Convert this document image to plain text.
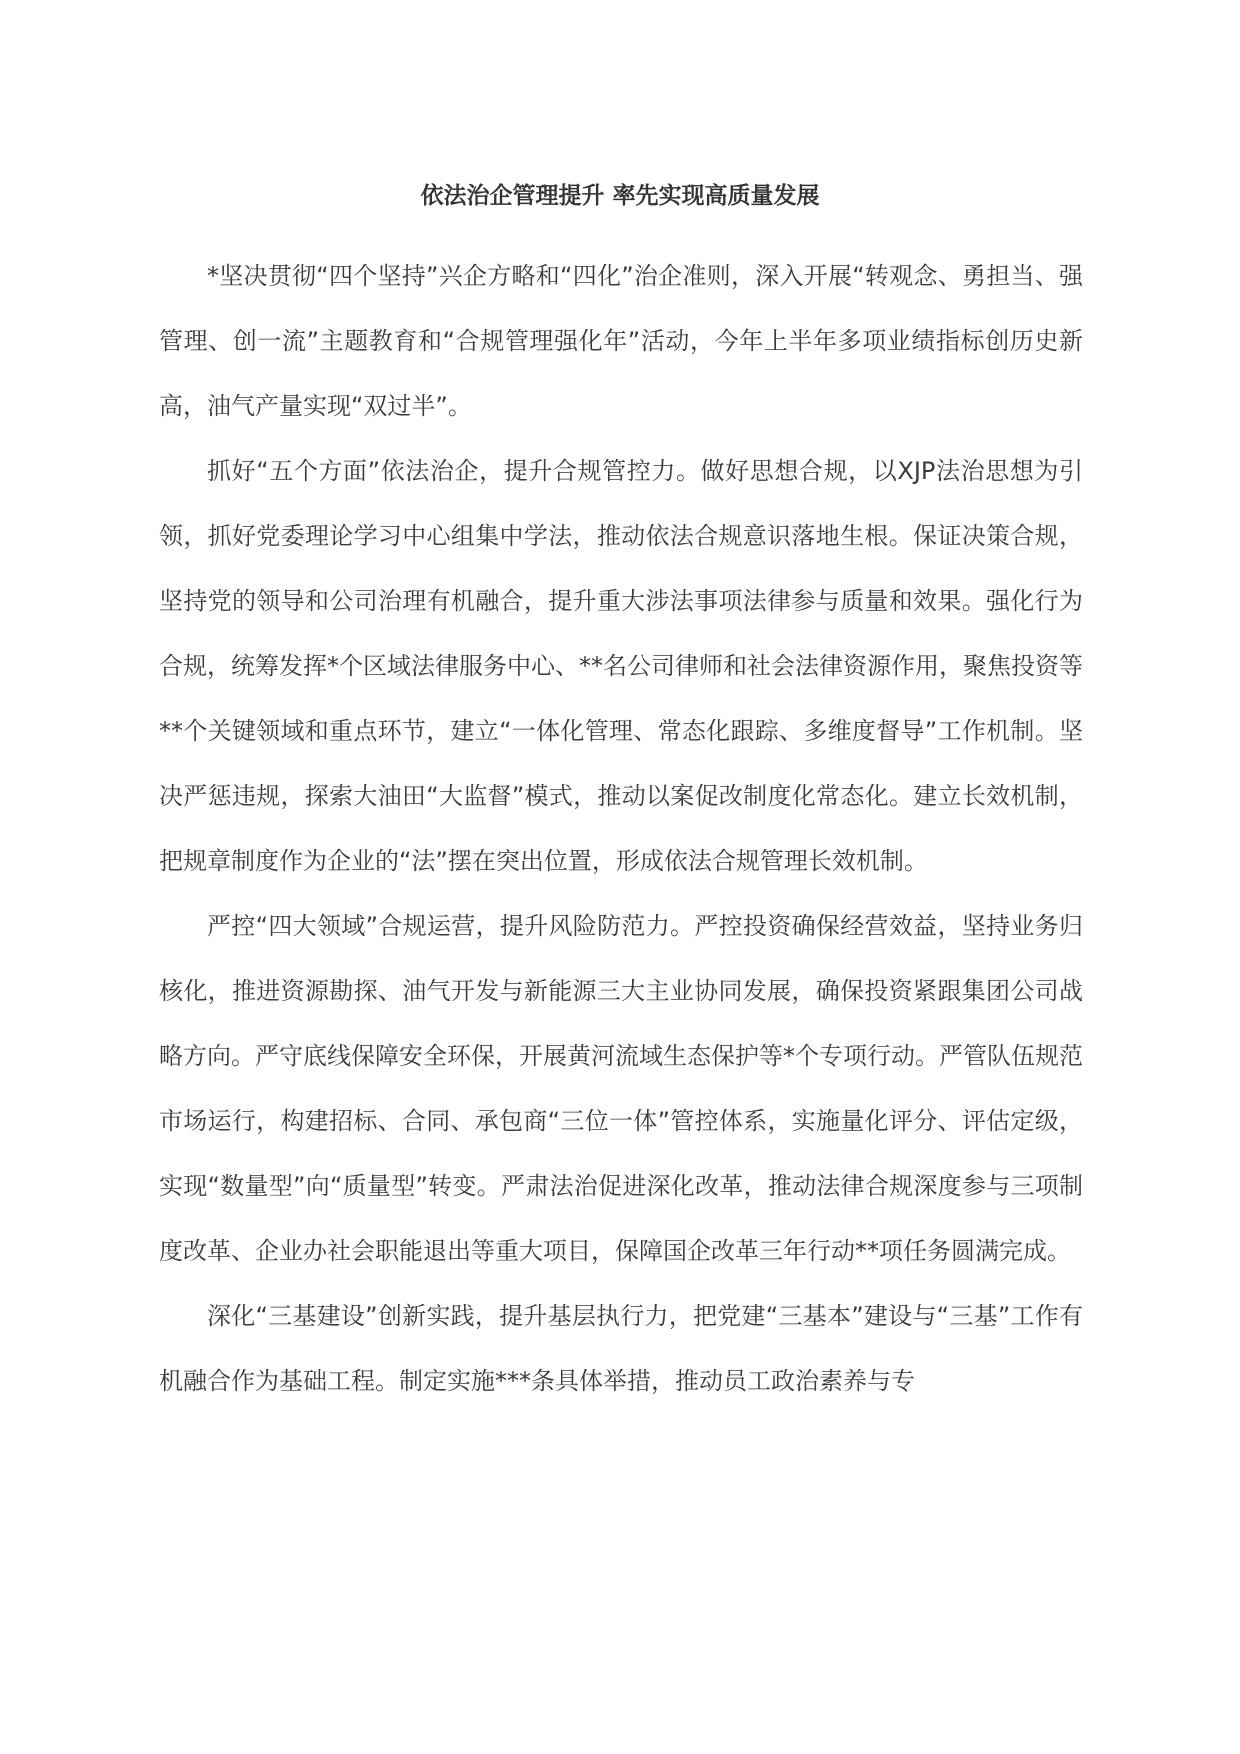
依法治企管理提升 率先实现高质量发展

*坚决贯彻“四个坚持”兴企方略和“四化”治企准则，深入开展“转观念、勇担当、强管理、创一流”主题教育和“合规管理强化年”活动，今年上半年多项业绩指标创历史新高，油气产量实现“双过半”。

抓好“五个方面”依法治企，提升合规管控力。做好思想合规，以XJP法治思想为引领，抓好党委理论学习中心组集中学法，推动依法合规意识落地生根。保证决策合规，坚持党的领导和公司治理有机融合，提升重大涉法事项法律参与质量和效果。强化行为合规，统筹发挥*个区域法律服务中心、**名公司律师和社会法律资源作用，聚焦投资等**个关键领域和重点环节，建立“一体化管理、常态化跟踪、多维度督导”工作机制。坚决严惩违规，探索大油田“大监督”模式，推动以案促改制度化常态化。建立长效机制，把规章制度作为企业的“法”摆在突出位置，形成依法合规管理长效机制。

严控“四大领域”合规运营，提升风险防范力。严控投资确保经营效益，坚持业务归核化，推进资源勘探、油气开发与新能源三大主业协同发展，确保投资紧跟集团公司战略方向。严守底线保障安全环保，开展黄河流域生态保护等*个专项行动。严管队伍规范市场运行，构建招标、合同、承包商“三位一体”管控体系，实施量化评分、评估定级，实现“数量型”向“质量型”转变。严肃法治促进深化改革，推动法律合规深度参与三项制度改革、企业办社会职能退出等重大项目，保障国企改革三年行动**项任务圆满完成。

深化“三基建设”创新实践，提升基层执行力，把党建“三基本”建设与“三基”工作有机融合作为基础工程。制定实施***条具体举措，推动员工政治素养与专
